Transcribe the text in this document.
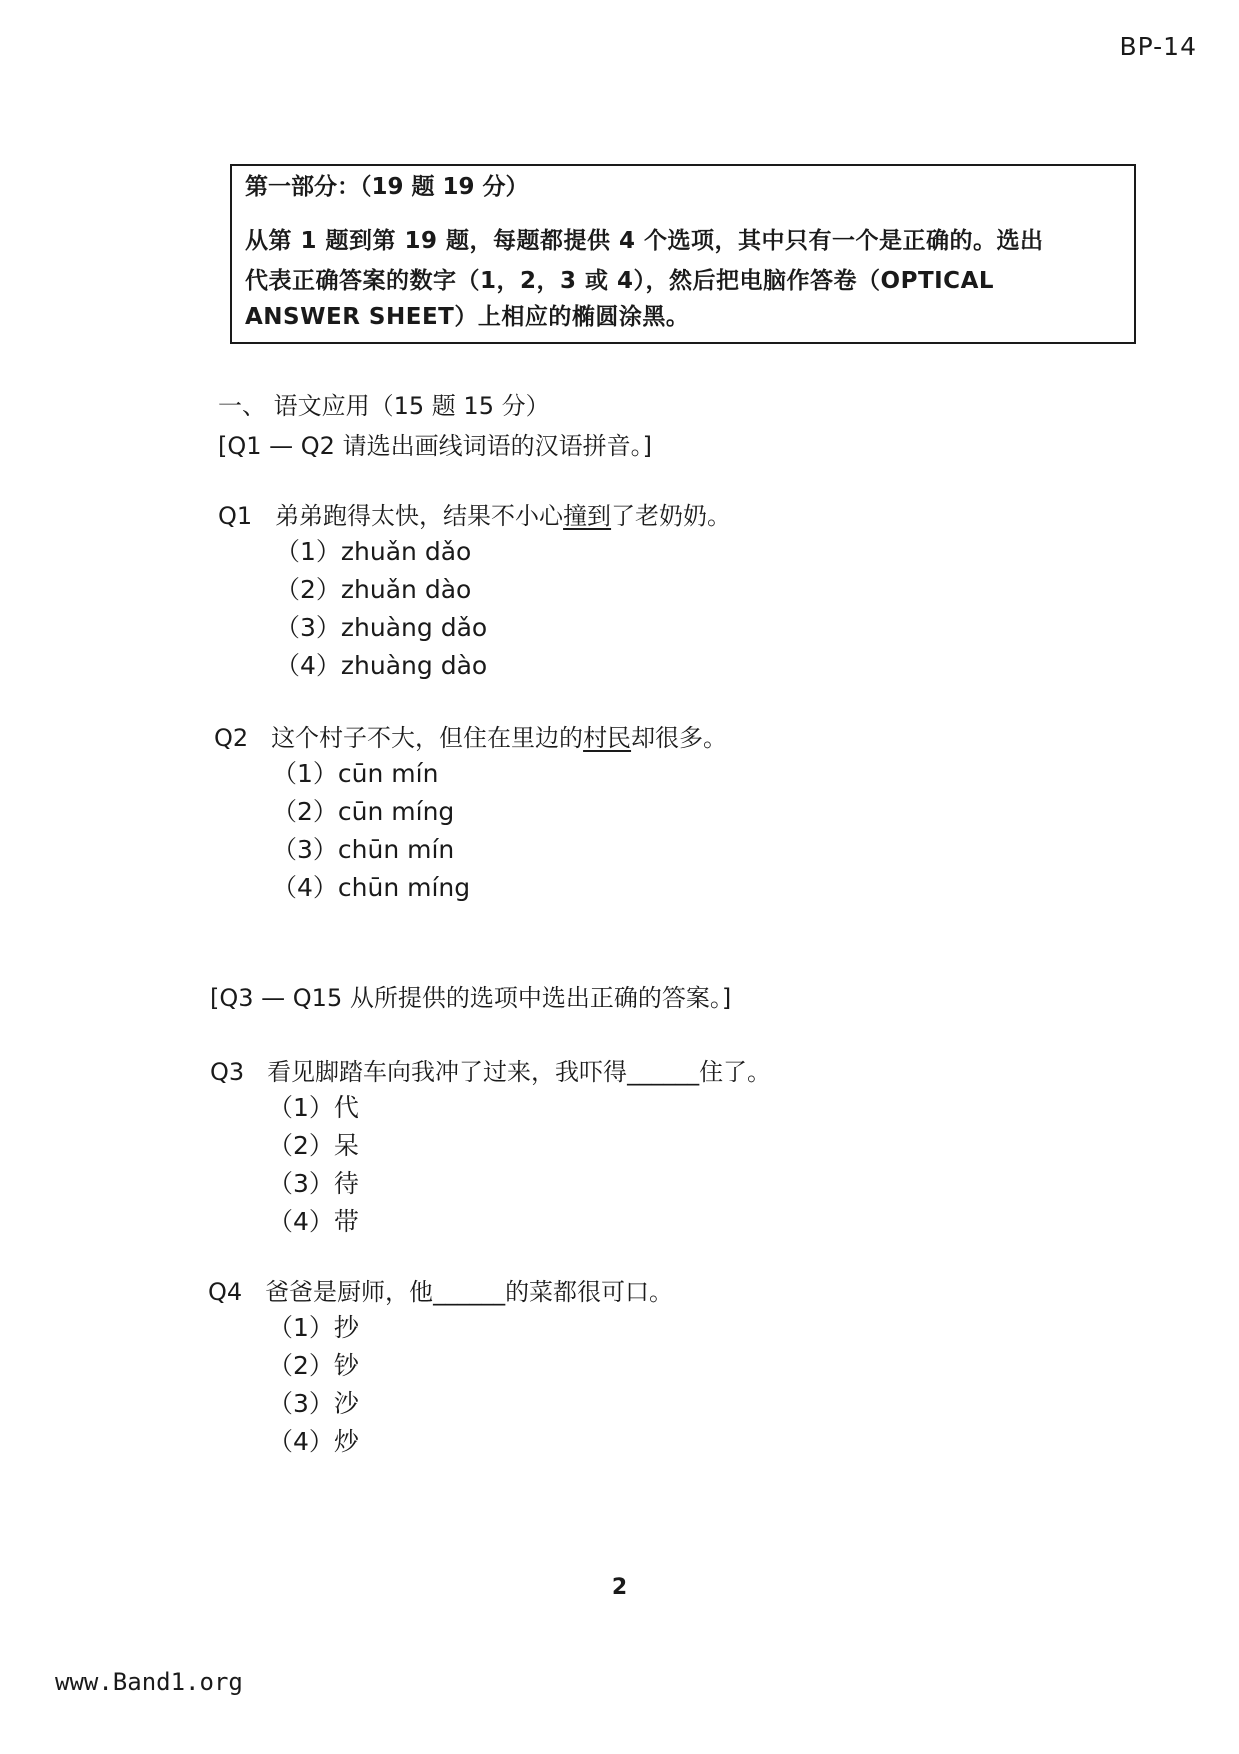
BP-14
第一部分：（19 题 19 分）
从第 1 题到第 19 题，每题都提供 4 个选项，其中只有一个是正确的。选出
代表正确答案的数字（1，2，3 或 4），然后把电脑作答卷（OPTICAL
ANSWER SHEET）上相应的椭圆涂黑。
一、 语文应用（15 题 15 分）
[Q1 — Q2 请选出画线词语的汉语拼音。]
Q1 弟弟跑得太快，结果不小心撞到了老奶奶。
（1）zhuǎn dǎo
（2）zhuǎn dào
（3）zhuàng dǎo
（4）zhuàng dào
Q2 这个村子不大，但住在里边的村民却很多。
（1）cūn mín
（2）cūn míng
（3）chūn mín
（4）chūn míng
[Q3 — Q15 从所提供的选项中选出正确的答案。]
Q3 看见脚踏车向我冲了过来，我吓得______住了。
（1）代
（2）呆
（3）待
（4）带
Q4 爸爸是厨师，他______的菜都很可口。
（1）抄
（2）钞
（3）沙
（4）炒
2
www.Band1.org
